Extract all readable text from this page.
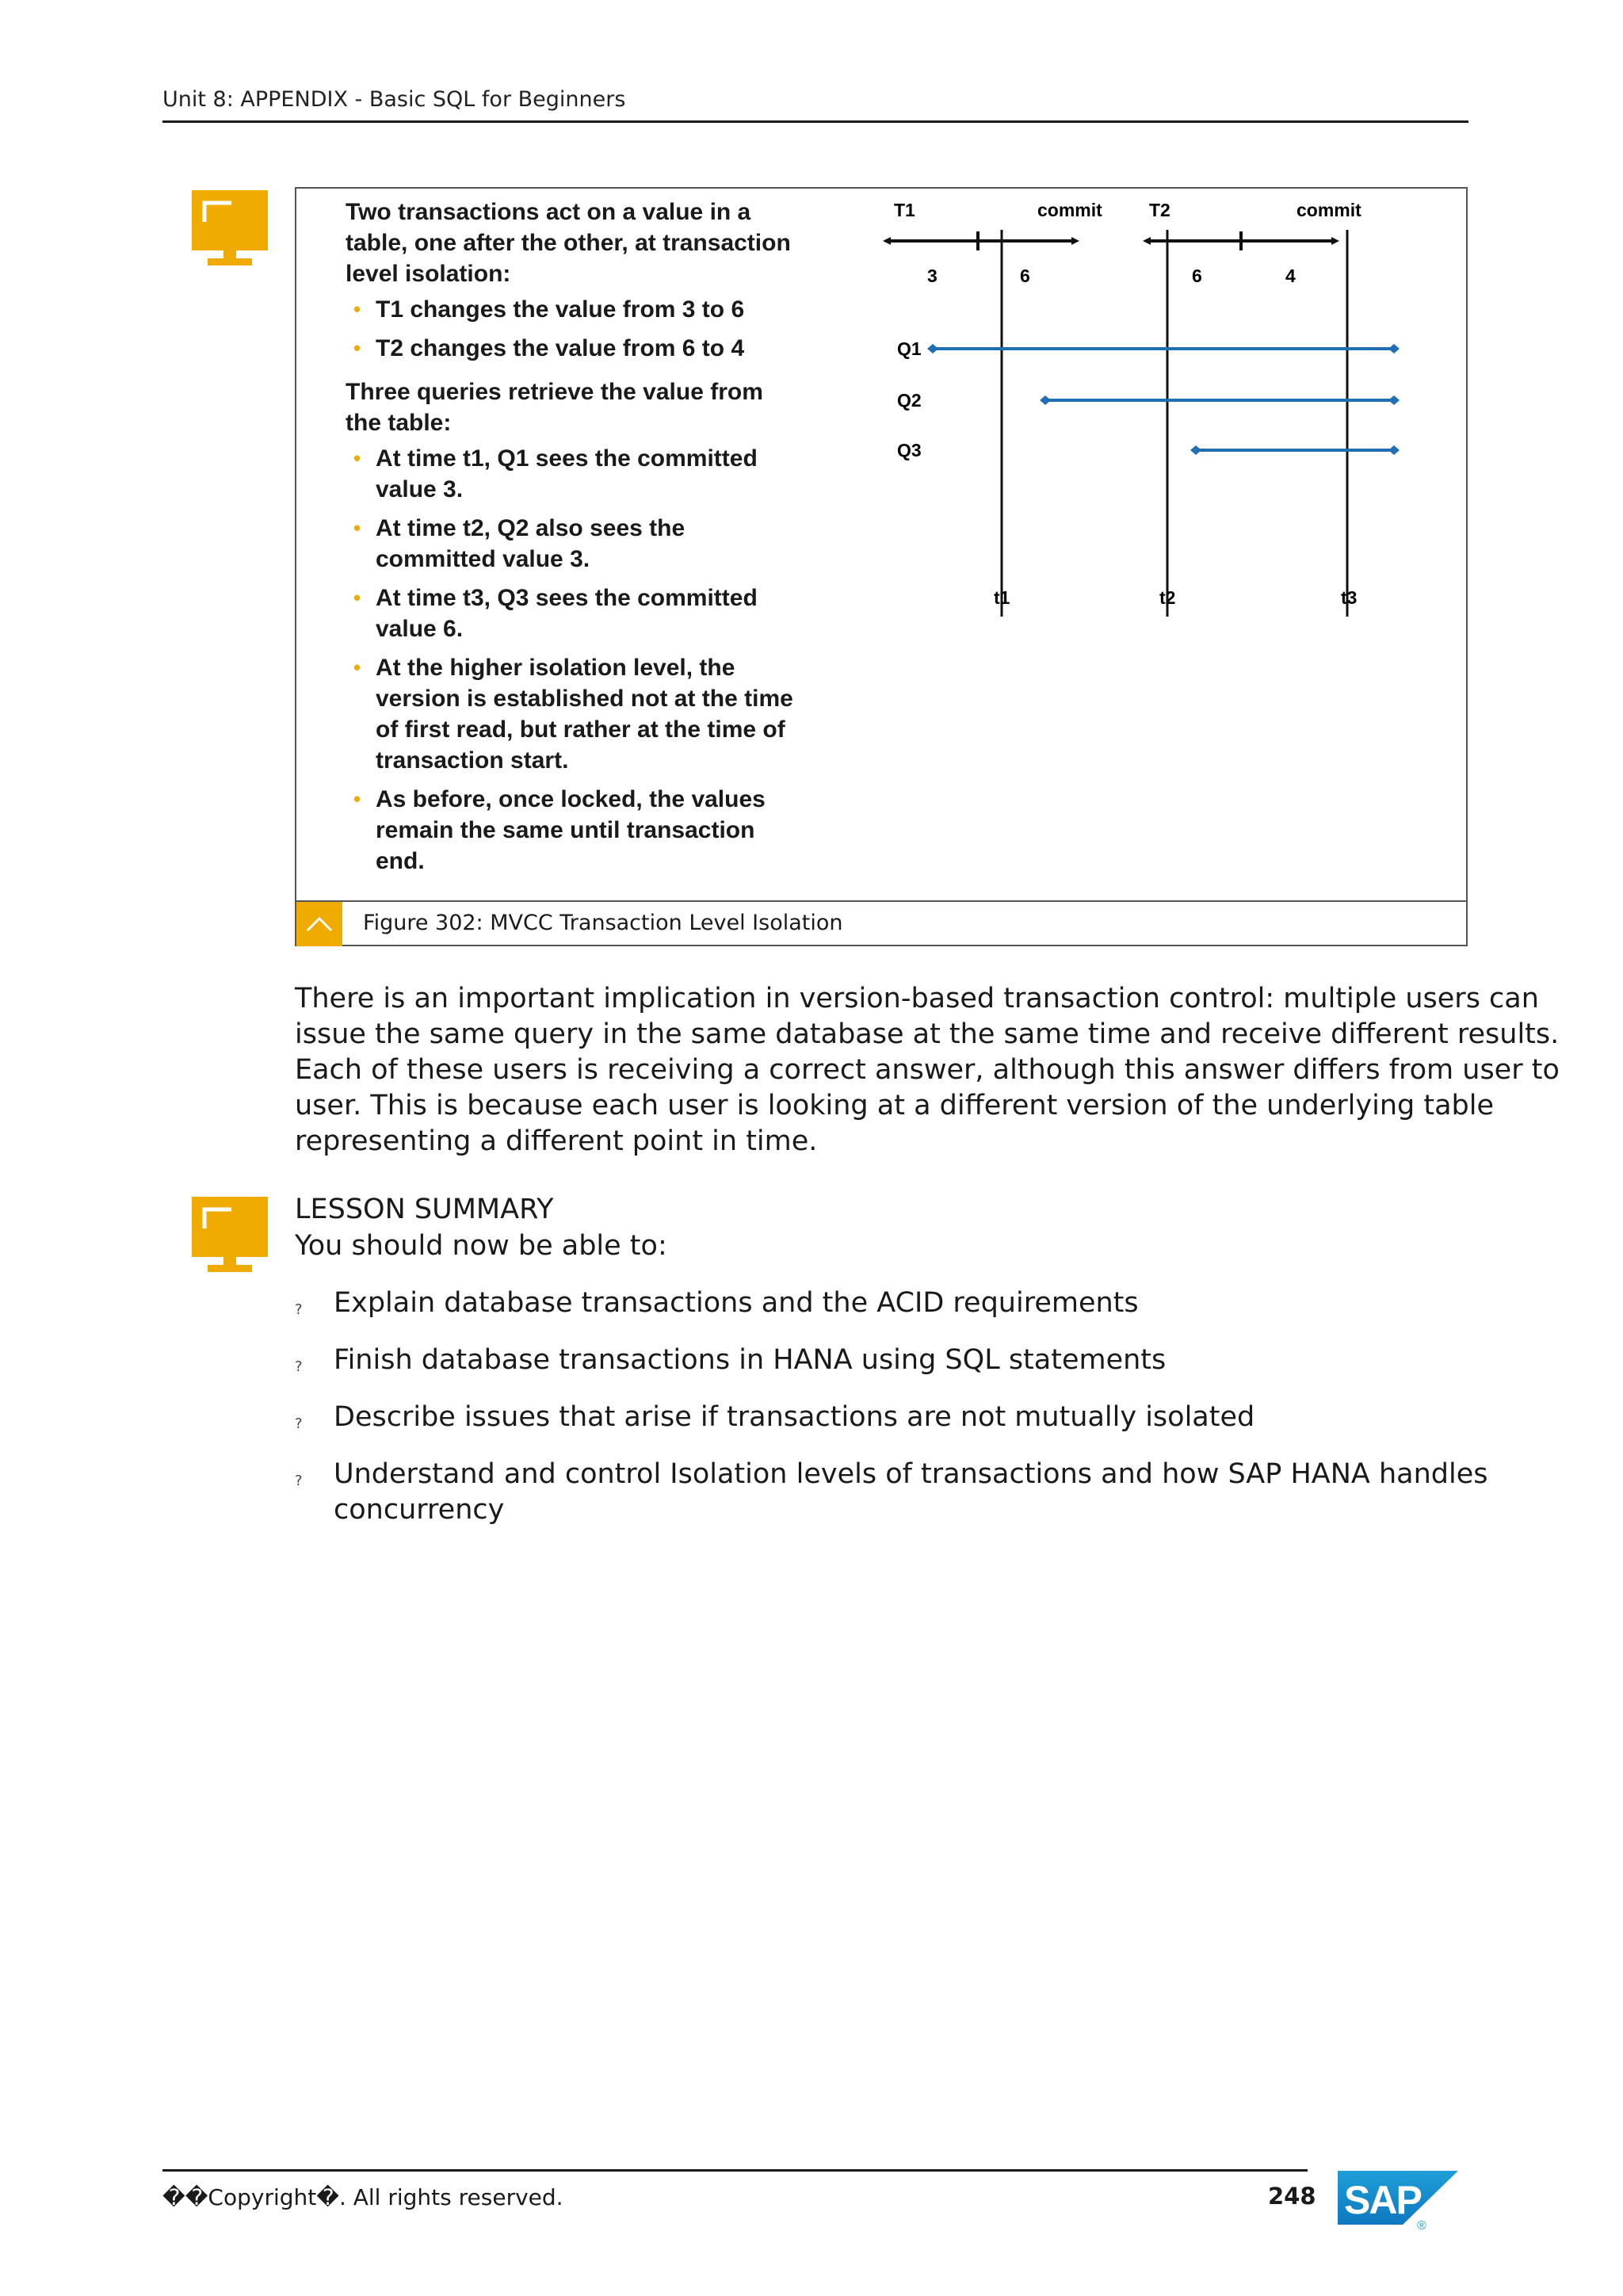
Unit 8: APPENDIX - Basic SQL for Beginners

Two transactions act on a value in a table, one after the other, at transaction level isolation:

• T1 changes the value from 3 to 6
• T2 changes the value from 6 to 4

Three queries retrieve the value from the table:

• At time t1, Q1 sees the committed value 3.
• At time t2, Q2 also sees the committed value 3.
• At time t3, Q3 sees the committed value 6.
• At the higher isolation level, the version is established not at the time of first read, but rather at the time of transaction start.
• As before, once locked, the values remain the same until transaction end.
T1	commit
3	6
T2	commit
6	4
t1	t2	t3
Q1
Q2
Q3
Figure 302: MVCC Transaction Level Isolation
There is an important implication in version-based transaction control: multiple users can issue the same query in the same database at the same time and receive different results. Each of these users is receiving a correct answer, although this answer differs from user to user. This is because each user is looking at a different version of the underlying table representing a different point in time.
LESSON SUMMARY
You should now be able to:
? Explain database transactions and the ACID requirements
? Finish database transactions in HANA using SQL statements
? Describe issues that arise if transactions are not mutually isolated
? Understand and control Isolation levels of transactions and how SAP HANA handles concurrency
��Copyright�. All rights reserved.	248 SAP
®
